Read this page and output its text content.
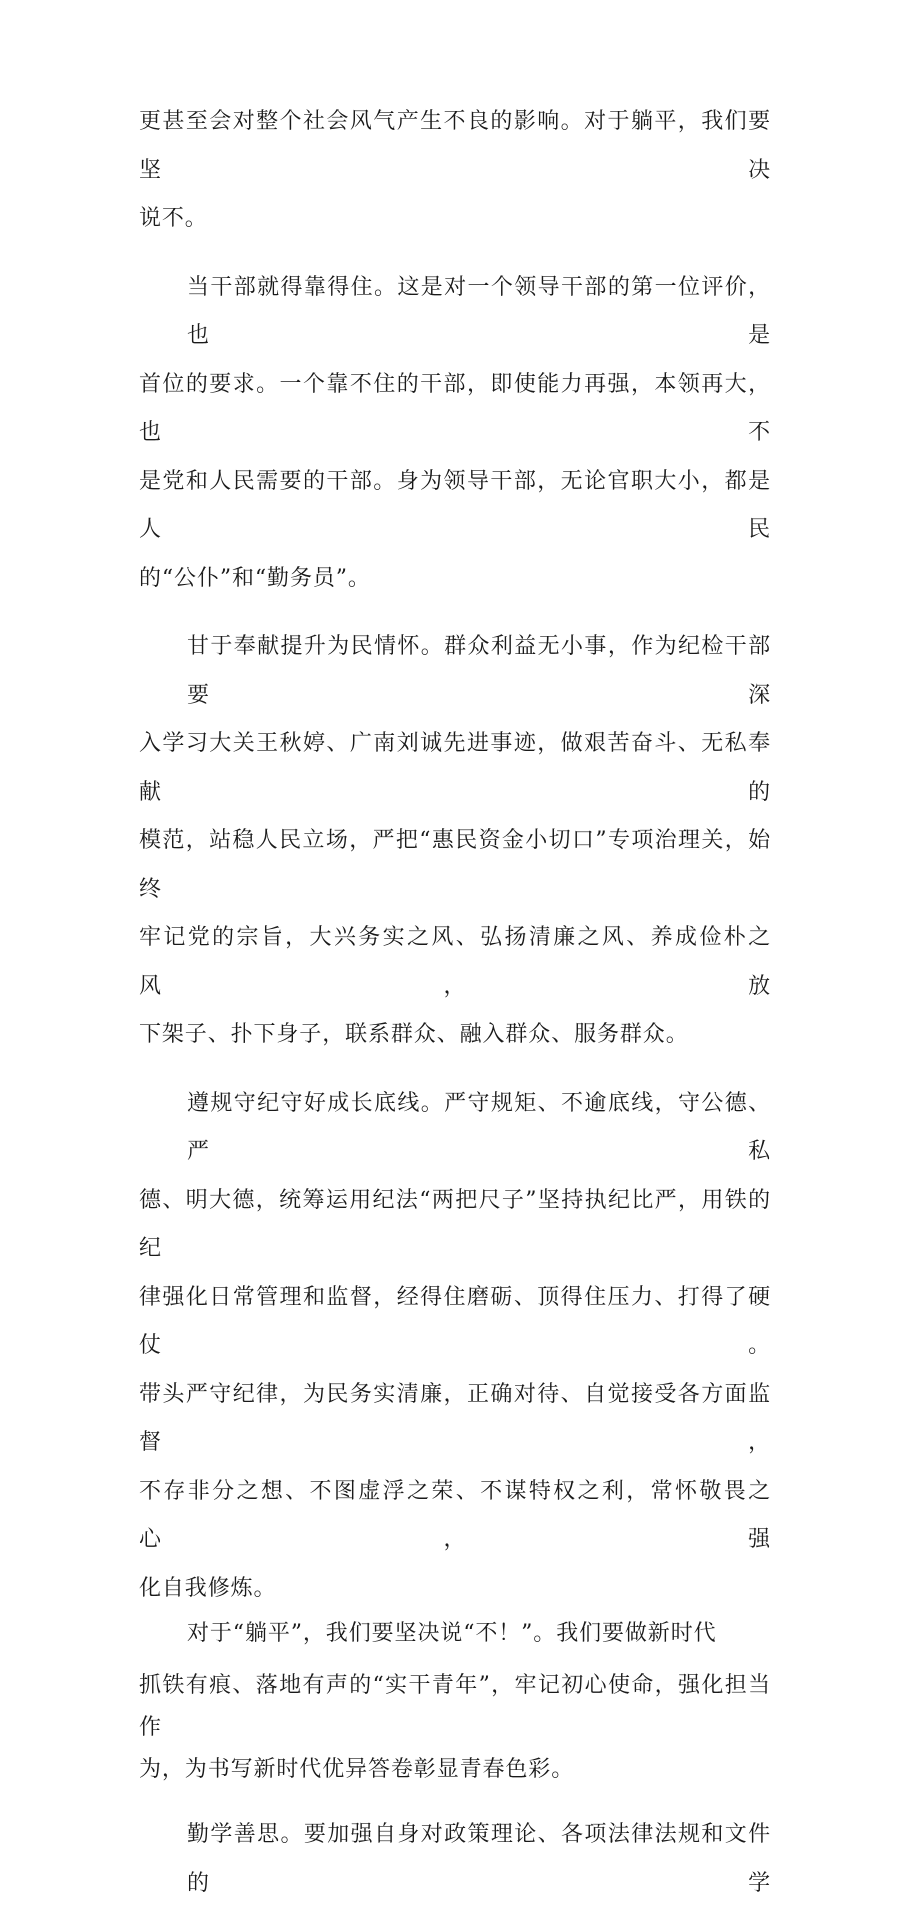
更甚至会对整个社会风气产生不良的影响。对于躺平，我们要坚决
说不。
当干部就得靠得住。这是对一个领导干部的第一位评价，也是
首位的要求。一个靠不住的干部，即使能力再强，本领再大，也不
是党和人民需要的干部。身为领导干部，无论官职大小，都是人民
的“公仆”和“勤务员”。
甘于奉献提升为民情怀。群众利益无小事，作为纪检干部要深
入学习大关王秋婷、广南刘诚先进事迹，做艰苦奋斗、无私奉献的
模范，站稳人民立场，严把“惠民资金小切口”专项治理关，始终
牢记党的宗旨，大兴务实之风、弘扬清廉之风、养成俭朴之风，放
下架子、扑下身子，联系群众、融入群众、服务群众。
遵规守纪守好成长底线。严守规矩、不逾底线，守公德、严私
德、明大德，统筹运用纪法“两把尺子”坚持执纪比严，用铁的纪
律强化日常管理和监督，经得住磨砺、顶得住压力、打得了硬仗。
带头严守纪律，为民务实清廉，正确对待、自觉接受各方面监督，
不存非分之想、不图虚浮之荣、不谋特权之利，常怀敬畏之心，强
化自我修炼。
对于“躺平”，我们要坚决说“不！”。我们要做新时代
抓铁有痕、落地有声的“实干青年”，牢记初心使命，强化担当作
为，为书写新时代优异答卷彰显青春色彩。
勤学善思。要加强自身对政策理论、各项法律法规和文件的学
